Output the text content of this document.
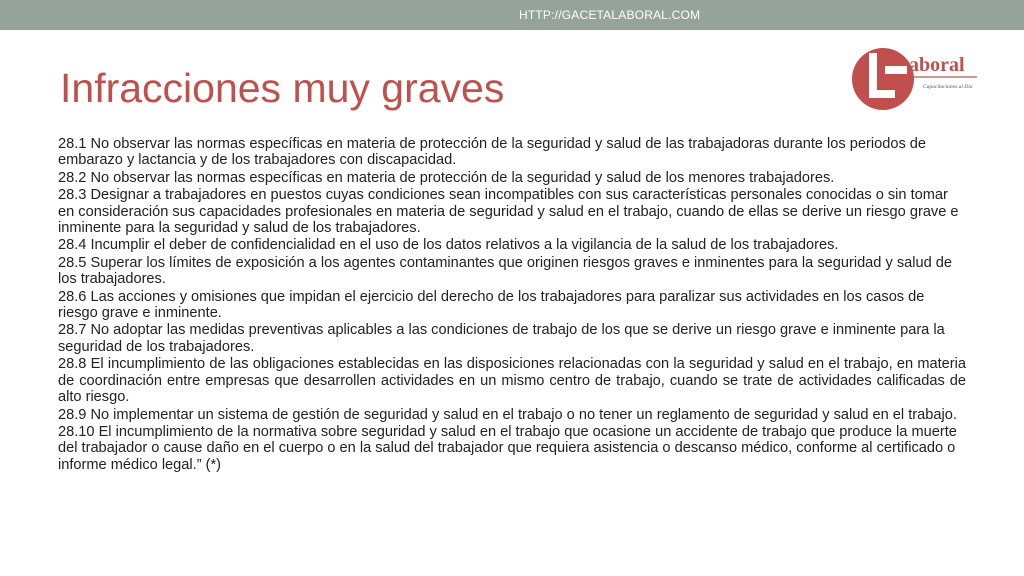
HTTP://GACETALABORAL.COM
Infracciones muy graves	aboral
Capacitaciones al Día

28.1 No observar las normas específicas en materia de protección de la seguridad y salud de las trabajadoras durante los periodos de embarazo y lactancia y de los trabajadores con discapacidad.

28.2 No observar las normas específicas en materia de protección de la seguridad y salud de los menores trabajadores.

28.3 Designar a trabajadores en puestos cuyas condiciones sean incompatibles con sus características personales conocidas o sin tomar en consideración sus capacidades profesionales en materia de seguridad y salud en el trabajo, cuando de ellas se derive un riesgo grave e inminente para la seguridad y salud de los trabajadores.

28.4 Incumplir el deber de confidencialidad en el uso de los datos relativos a la vigilancia de la salud de los trabajadores.

28.5 Superar los límites de exposición a los agentes contaminantes que originen riesgos graves e inminentes para la seguridad y salud de los trabajadores.

28.6 Las acciones y omisiones que impidan el ejercicio del derecho de los trabajadores para paralizar sus actividades en los casos de riesgo grave e inminente.

28.7 No adoptar las medidas preventivas aplicables a las condiciones de trabajo de los que se derive un riesgo grave e inminente para la seguridad de los trabajadores.

28.8 El incumplimiento de las obligaciones establecidas en las disposiciones relacionadas con la seguridad y salud en el trabajo, en materia de coordinación entre empresas que desarrollen actividades en un mismo centro de trabajo, cuando se trate de actividades calificadas de alto riesgo.

28.9 No implementar un sistema de gestión de seguridad y salud en el trabajo o no tener un reglamento de seguridad y salud en el trabajo.

28.10 El incumplimiento de la normativa sobre seguridad y salud en el trabajo que ocasione un accidente de trabajo que produce la muerte del trabajador o cause daño en el cuerpo o en la salud del trabajador que requiera asistencia o descanso médico, conforme al certificado o informe médico legal.” (*)
